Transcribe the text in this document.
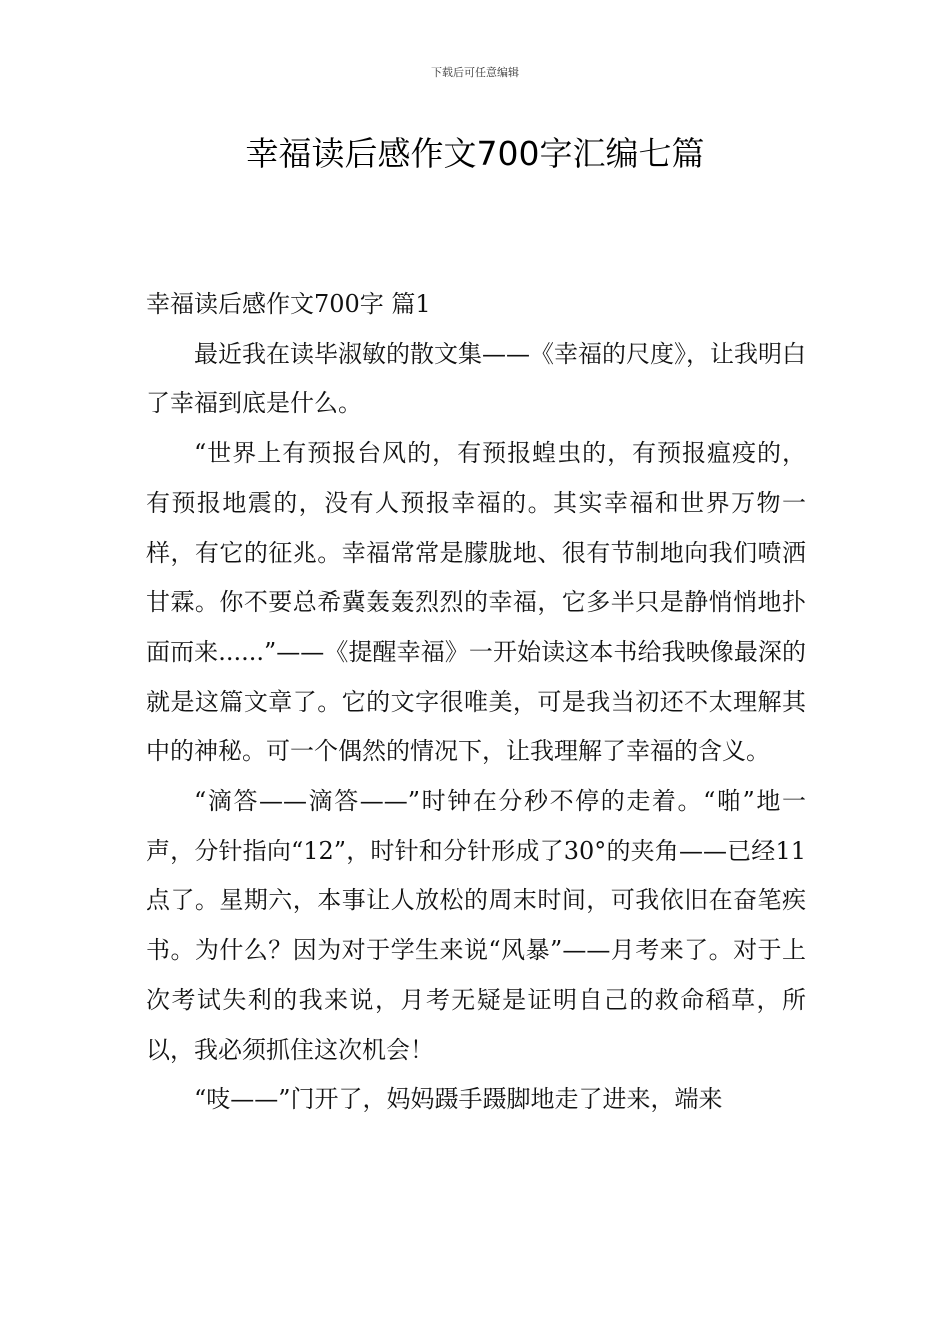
下载后可任意编辑
幸福读后感作文700字汇编七篇
幸福读后感作文700字 篇1

最近我在读毕淑敏的散文集——《幸福的尺度》，让我明白了幸福到底是什么。

“世界上有预报台风的，有预报蝗虫的，有预报瘟疫的，有预报地震的，没有人预报幸福的。其实幸福和世界万物一样，有它的征兆。幸福常常是朦胧地、很有节制地向我们喷洒甘霖。你不要总希冀轰轰烈烈的幸福，它多半只是静悄悄地扑面而来......”——《提醒幸福》一开始读这本书给我映像最深的就是这篇文章了。它的文字很唯美，可是我当初还不太理解其中的神秘。可一个偶然的情况下，让我理解了幸福的含义。

“滴答——滴答——”时钟在分秒不停的走着。“啪”地一声，分针指向“12”，时针和分针形成了30°的夹角——已经11点了。星期六，本事让人放松的周末时间，可我依旧在奋笔疾书。为什么？因为对于学生来说“风暴”——月考来了。对于上次考试失利的我来说，月考无疑是证明自己的救命稻草，所以，我必须抓住这次机会！

“吱——”门开了，妈妈蹑手蹑脚地走了进来，端来
